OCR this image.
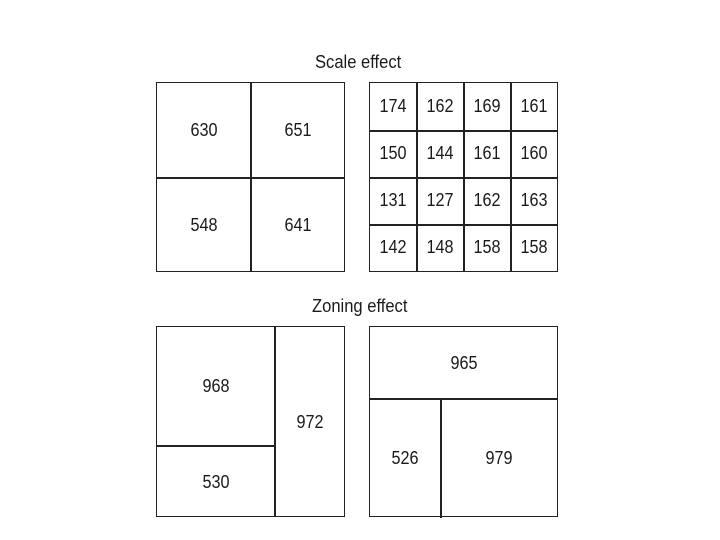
Scale effect
630	651
548	641
174 162 169 161
150 144 161 160
131 127 162 163
142 148 158 158
Zoning effect
968
530
972
965
526	979
